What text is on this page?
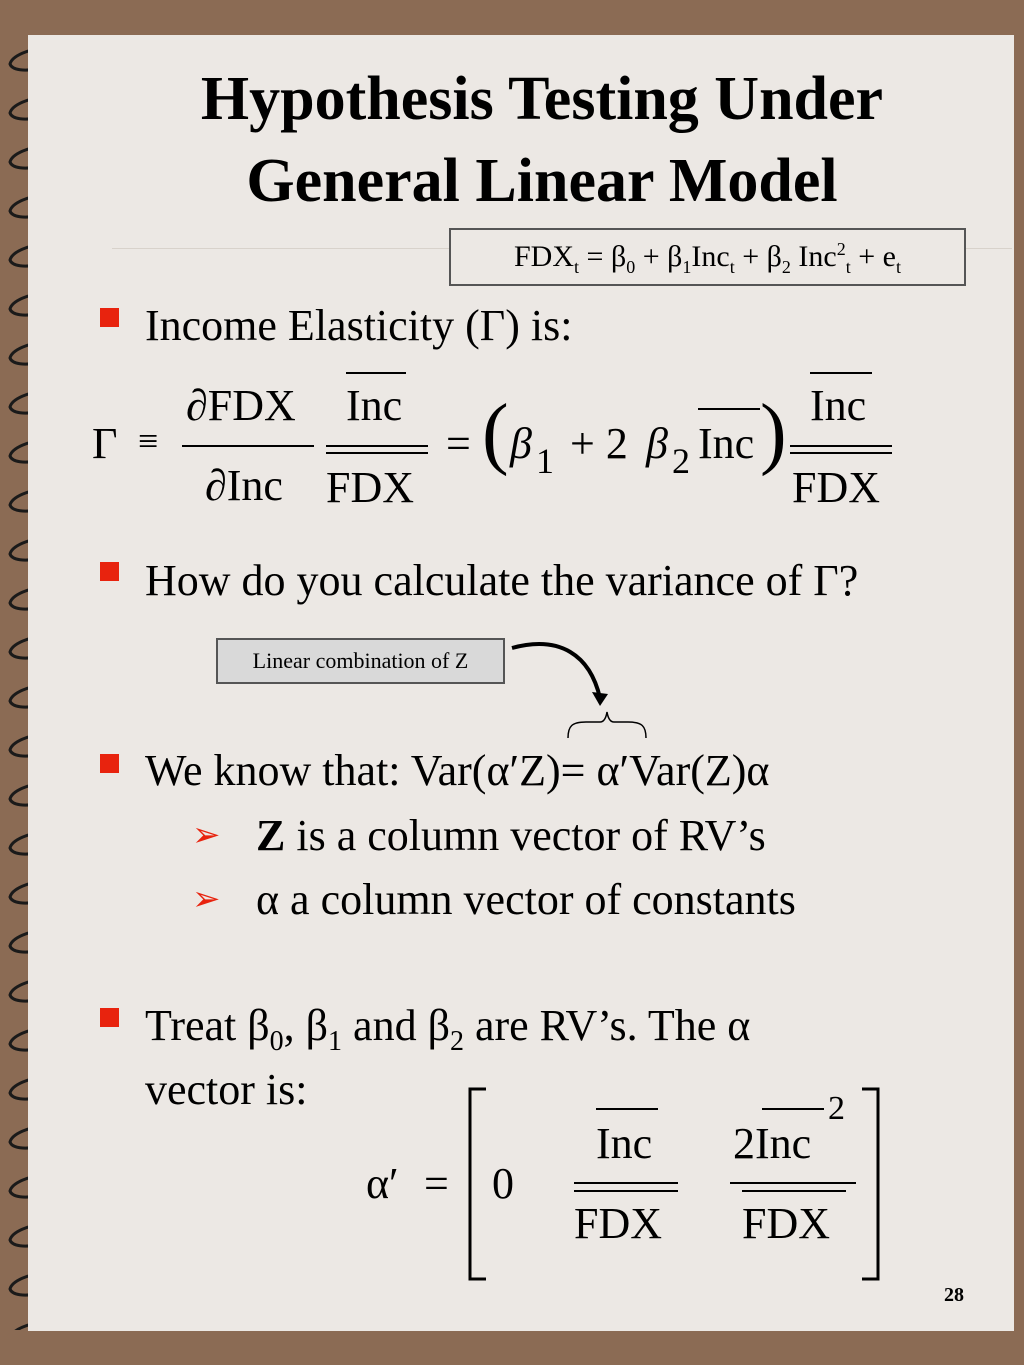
Hypothesis Testing Under
General Linear Model
$FDX_t = \beta_0 + \beta_1Inc_t + \beta_2$ $Inc^2_t + e_t$
Income Elasticity (Γ) is:
Γ ≡
∂FDX
∂Inc
Inc
FDX
= ( β 1 + 2 β 2 Inc ) Inc
FDX
How do you calculate the variance of Γ?
Linear combination of Z
We know that: Var(α′Z)= α′Var(Z)α
➢ Z is a column vector of RV’s
➢ α a column vector of constants
Treat $\beta_0$, $\beta_1$ and $\beta_2$ are RV’s. The α
vector is:
α′ = 0
Inc
FDX
2Inc
2
FDX
28
